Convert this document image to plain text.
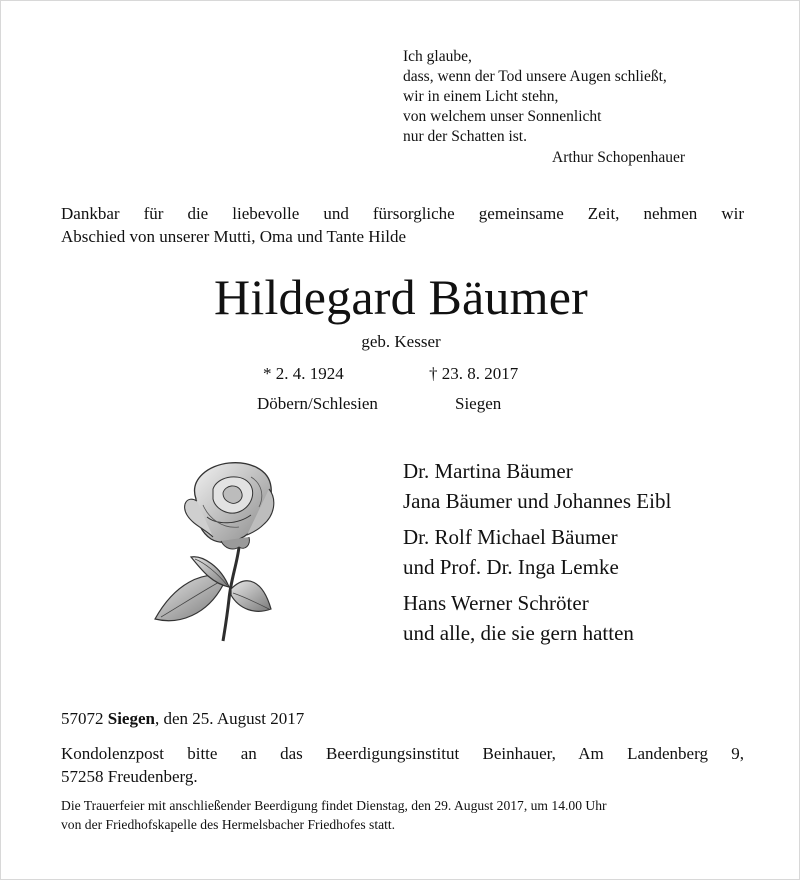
Ich glaube,
dass, wenn der Tod unsere Augen schließt,
wir in einem Licht stehn,
von welchem unser Sonnenlicht
nur der Schatten ist.
Arthur Schopenhauer
Dankbar für die liebevolle und fürsorgliche gemeinsame Zeit, nehmen wir
Abschied von unserer Mutti, Oma und Tante Hilde
Hildegard Bäumer
geb. Kesser
* 2. 4. 1924	† 23. 8. 2017
Döbern/Schlesien	Siegen
Dr. Martina Bäumer
Jana Bäumer und Johannes Eibl
Dr. Rolf Michael Bäumer
und Prof. Dr. Inga Lemke
Hans Werner Schröter
und alle, die sie gern hatten
57072 Siegen, den 25. August 2017
Kondolenzpost bitte an das Beerdigungsinstitut Beinhauer, Am Landenberg 9,
57258 Freudenberg.
Die Trauerfeier mit anschließender Beerdigung findet Dienstag, den 29. August 2017, um 14.00 Uhr
von der Friedhofskapelle des Hermelsbacher Friedhofes statt.
